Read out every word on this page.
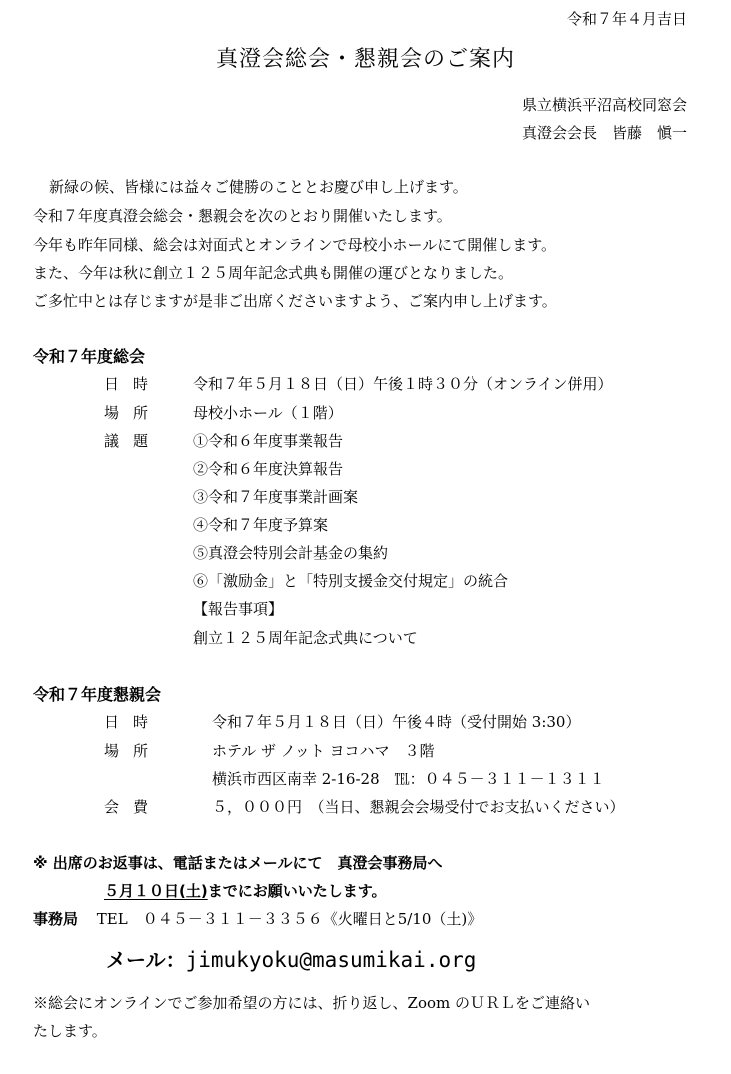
令和７年４月吉日
真澄会総会・懇親会のご案内
県立横浜平沼高校同窓会
真澄会会長　皆藤　愼一
新緑の候、皆様には益々ご健勝のこととお慶び申し上げます。
令和７年度真澄会総会・懇親会を次のとおり開催いたします。
今年も昨年同様、総会は対面式とオンラインで母校小ホールにて開催します。
また、今年は秋に創立１２５周年記念式典も開催の運びとなりました。
ご多忙中とは存じますが是非ご出席くださいますよう、ご案内申し上げます。
令和７年度総会
日時 令和７年５月１８日（日）午後１時３０分（オンライン併用）
場所 母校小ホール（１階）
議題 ①令和６年度事業報告
②令和６年度決算報告
③令和７年度事業計画案
④令和７年度予算案
⑤真澄会特別会計基金の集約
⑥「激励金」と「特別支援金交付規定」の統合
【報告事項】
創立１２５周年記念式典について
令和７年度懇親会
日時	令和７年５月１８日（日）午後４時（受付開始 3:30）
場所	ホテル ザ ノット ヨコハマ　３階
横浜市西区南幸 2-16-28　℡：０４５－３１１－１３１１
会費	５，０００円　（当日、懇親会会場受付でお支払いください）
※ 出席のお返事は、電話またはメールにて　真澄会事務局へ
５月１０日(土)までにお願いいたします。
事務局 TEL　０４５－３１１－３３５６《火曜日と5/10（土)》
メール：jimukyoku@masumikai.org
※総会にオンラインでご参加希望の方には、折り返し、Zoom のＵＲＬをご連絡い
たします。
